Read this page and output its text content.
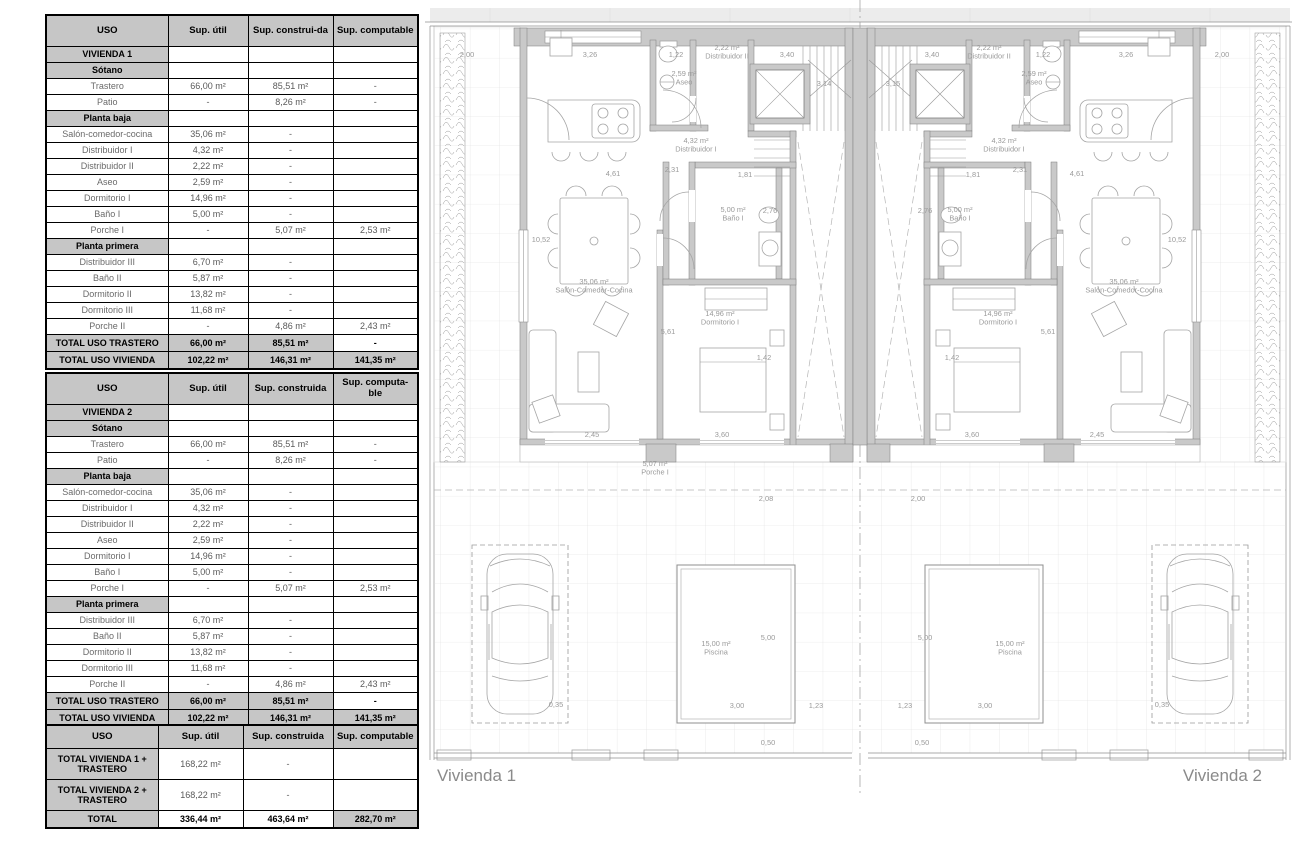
USO	Sup. útil	Sup. construi-da	Sup. computable
VIVIENDA 1			
Sótano			
Trastero	66,00 m²	85,51 m²	-
Patio	-	8,26 m²	-
Planta baja			
Salón-comedor-cocina	35,06 m²	-	
Distribuidor I	4,32 m²	-	
Distribuidor II	2,22 m²	-	
Aseo	2,59 m²	-	
Dormitorio I	14,96 m²	-	
Baño I	5,00 m²	-	
Porche I	-	5,07 m²	2,53 m²
Planta primera			
Distribuidor III	6,70 m²	-	
Baño II	5,87 m²	-	
Dormitorio II	13,82 m²	-	
Dormitorio III	11,68 m²	-	
Porche II	-	4,86 m²	2,43 m²
TOTAL USO TRASTERO	66,00 m²	85,51 m²	-
TOTAL USO VIVIENDA	102,22 m²	146,31 m²	141,35 m²
USO	Sup. útil	Sup. construida	Sup. computa-ble
VIVIENDA 2			
Sótano			
Trastero	66,00 m²	85,51 m²	-
Patio	-	8,26 m²	-
Planta baja			
Salón-comedor-cocina	35,06 m²	-	
Distribuidor I	4,32 m²	-	
Distribuidor II	2,22 m²	-	
Aseo	2,59 m²	-	
Dormitorio I	14,96 m²	-	
Baño I	5,00 m²	-	
Porche I	-	5,07 m²	2,53 m²
Planta primera			
Distribuidor III	6,70 m²	-	
Baño II	5,87 m²	-	
Dormitorio II	13,82 m²	-	
Dormitorio III	11,68 m²	-	
Porche II	-	4,86 m²	2,43 m²
TOTAL USO TRASTERO	66,00 m²	85,51 m²	-
TOTAL USO VIVIENDA	102,22 m²	146,31 m²	141,35 m²
USO	Sup. útil	Sup. construida	Sup. computable
TOTAL VIVIENDA 1 + TRASTERO	168,22 m²	-	
TOTAL VIVIENDA 2 + TRASTERO	168,22 m²	-	
TOTAL	336,44 m²	463,64 m²	282,70 m²
2,00	3,26	1,22
2,22 m² Distribuidor II	3,40
3,14	3,15
2,59 m² Aseo
4,32 m² Distribuidor I
4,61	2,31
1,81
2,76
5,00 m² Baño I
10,52
35,06 m² Salón-Comedor-Cocina
14,96 m² Dormitorio I
5,61
1,42
2,45	3,60
5,07 m² Porche I
2,08
0,35
15,00 m² Piscina
5,00
3,00	1,23
0,50
3,40
2,22 m² Distribuidor II	1,22	3,26	2,00
2,59 m² Aseo
4,32 m² Distribuidor I
1,81
2,31	4,61
2,76 5,00 m² Baño I
10,52
35,06 m² Salón-Comedor-Cocina
14,96 m² Dormitorio I
5,61
1,42
3,60	2,45
2,00
0,35
15,00 m² Piscina
5,00
1,23	3,00
0,50
Vivienda 1	Vivienda 2
